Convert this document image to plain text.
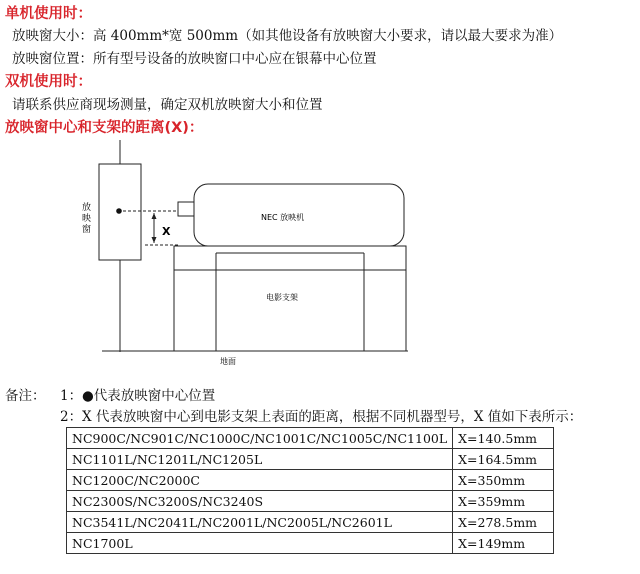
单机使用时：
放映窗大小：高 400mm*宽 500mm（如其他设备有放映窗大小要求，请以最大要求为准）
放映窗位置：所有型号设备的放映窗口中心应在银幕中心位置
双机使用时：
请联系供应商现场测量，确定双机放映窗大小和位置
放映窗中心和支架的距离(X)：
放映窗	X
NEC 放映机
电影支架
地面
备注： 1： ●代表放映窗中心位置
2： X 代表放映窗中心到电影支架上表面的距离，根据不同机器型号，X 值如下表所示：
NC900C/NC901C/NC1000C/NC1001C/NC1005C/NC1100L	X=140.5mm
NC1101L/NC1201L/NC1205L	X=164.5mm
NC1200C/NC2000C	X=350mm
NC2300S/NC3200S/NC3240S	X=359mm
NC3541L/NC2041L/NC2001L/NC2005L/NC2601L	X=278.5mm
NC1700L	X=149mm
